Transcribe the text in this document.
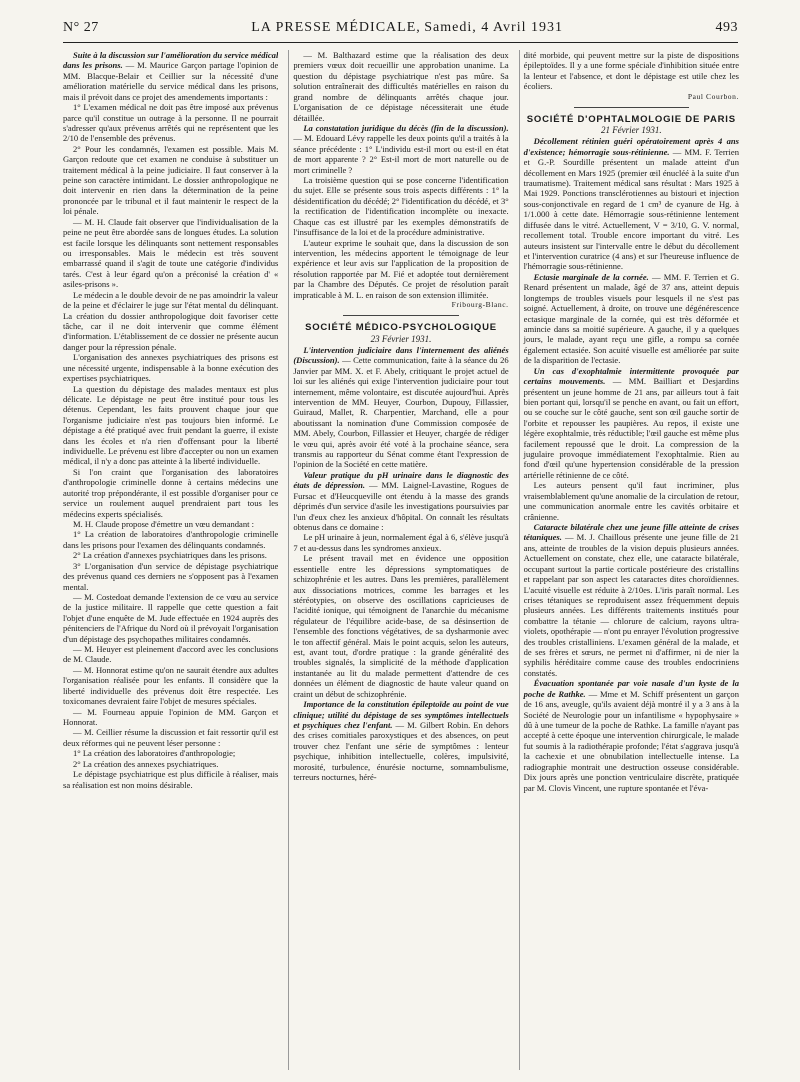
N° 27	LA PRESSE MÉDICALE, Samedi, 4 Avril 1931	493

Suite à la discussion sur l'amélioration du service médical dans les prisons. — M. Maurice Garçon partage l'opinion de MM. Blacque-Belair et Ceillier sur la nécessité d'une amélioration matérielle du service médical dans les prisons, mais il prévoit dans ce projet des amendements importants :

1° L'examen médical ne doit pas être imposé aux prévenus parce qu'il constitue un outrage à la personne. Il ne pourrait s'adresser qu'aux prévenus arrêtés qui ne représentent que les 2/10 de l'ensemble des prévenus.

2° Pour les condamnés, l'examen est possible. Mais M. Garçon redoute que cet examen ne conduise à substituer un traitement médical à la peine judiciaire. Il faut conserver à la peine son caractère intimidant. Le dossier anthropologique ne doit intervenir en rien dans la détermination de la peine prononcée par le tribunal et il faut maintenir le respect de la loi pénale.

— M. H. Claude fait observer que l'individualisation de la peine ne peut être abordée sans de longues études. La solution est facile lorsque les délinquants sont nettement responsables ou irresponsables. Mais le médecin est très souvent embarrassé quand il s'agit de toute une catégorie d'individus tarés. C'est à leur égard qu'on a préconisé la création d' « asiles-prisons ».

Le médecin a le double devoir de ne pas amoindrir la valeur de la peine et d'éclairer le juge sur l'état mental du délinquant. La création du dossier anthropologique doit favoriser cette tâche, car il ne doit intervenir que comme élément d'information. L'établissement de ce dossier ne présente aucun danger pour la répression pénale.

L'organisation des annexes psychiatriques des prisons est une nécessité urgente, indispensable à la bonne exécution des expertises psychiatriques.

La question du dépistage des malades mentaux est plus délicate. Le dépistage ne peut être institué pour tous les détenus. Cependant, les faits prouvent chaque jour que l'organisme judiciaire n'est pas toujours bien informé. Le dépistage a été pratiqué avec fruit pendant la guerre, il existe dans les écoles et n'a rien d'offensant pour la liberté individuelle. Le prévenu est libre d'accepter ou non un examen médical, il n'y a donc pas atteinte à la liberté individuelle.

Si l'on craint que l'organisation des laboratoires d'anthropologie criminelle donne à certains médecins une autorité trop prépondérante, il est possible d'organiser pour ce service un roulement auquel prendraient part tous les médecins experts spécialisés.

M. H. Claude propose d'émettre un vœu demandant :

1° La création de laboratoires d'anthropologie criminelle dans les prisons pour l'examen des délinquants condamnés.

2° La création d'annexes psychiatriques dans les prisons.

3° L'organisation d'un service de dépistage psychiatrique des prévenus quand ces derniers ne s'opposent pas à l'examen mental.

— M. Costedoat demande l'extension de ce vœu au service de la justice militaire. Il rappelle que cette question a fait l'objet d'une enquête de M. Jude effectuée en 1924 auprès des pénitenciers de l'Afrique du Nord où il prévoyait l'organisation d'un dépistage des psychopathes militaires condamnés.

— M. Heuyer est pleinement d'accord avec les conclusions de M. Claude.

— M. Honnorat estime qu'on ne saurait étendre aux adultes l'organisation réalisée pour les enfants. Il considère que la liberté individuelle des prévenus doit être respectée. Les toxicomanes devraient faire l'objet de mesures spéciales.

— M. Fourneau appuie l'opinion de MM. Garçon et Honnorat.

— M. Ceillier résume la discussion et fait ressortir qu'il est deux réformes qui ne peuvent léser personne :

1° La création des laboratoires d'anthropologie;

2° La création des annexes psychiatriques.

Le dépistage psychiatrique est plus difficile à réaliser, mais sa réalisation est non moins désirable.

— M. Balthazard estime que la réalisation des deux premiers vœux doit recueillir une approbation unanime. La question du dépistage psychiatrique n'est pas mûre. Sa solution entraînerait des difficultés matérielles en raison du grand nombre de délinquants arrêtés chaque jour. L'organisation de ce dépistage nécessiterait une étude détaillée.

La constatation juridique du décès (fin de la discussion). — M. Edouard Lévy rappelle les deux points qu'il a traités à la séance précédente : 1° L'individu est-il mort ou est-il en état de mort apparente ? 2° Est-il mort de mort naturelle ou de mort criminelle ?

La troisième question qui se pose concerne l'identification du sujet. Elle se présente sous trois aspects différents : 1° la désidentification du décédé; 2° l'identification du décédé, et 3° la rectification de l'identification incomplète ou inexacte. Chaque cas est illustré par les exemples démonstratifs de l'insuffisance de la loi et de la procédure administrative.

L'auteur exprime le souhait que, dans la discussion de son intervention, les médecins apportent le témoignage de leur expérience et leur avis sur l'application de la proposition de résolution rapportée par M. Fié et adoptée tout dernièrement par la Chambre des Députés. Ce projet de résolution paraît impraticable à M. L. en raison de son extension illimitée.

Fribourg-Blanc.

SOCIÉTÉ MÉDICO-PSYCHOLOGIQUE

23 Février 1931.

L'intervention judiciaire dans l'internement des aliénés (Discussion). — Cette communication, faite à la séance du 26 Janvier par MM. X. et F. Abely, critiquant le projet actuel de loi sur les aliénés qui exige l'intervention judiciaire pour tout internement, même volontaire, est discutée aujourd'hui. Après intervention de MM. Heuyer, Courbon, Dupouy, Fillassier, Guiraud, Mallet, R. Charpentier, Marchand, elle a pour aboutissant la nomination d'une Commission composée de MM. Abely, Courbon, Fillassier et Heuyer, chargée de rédiger le vœu qui, après avoir été voté à la prochaine séance, sera transmis au rapporteur du Sénat comme étant l'expression de l'opinion de la Société en cette matière.

Valeur pratique du pH urinaire dans le diagnostic des états de dépression. — MM. Laignel-Lavastine, Rogues de Fursac et d'Heucqueville ont étendu à la masse des grands déprimés d'un service d'asile les investigations poursuivies par l'un d'eux chez les anxieux d'hôpital. On connaît les résultats obtenus dans ce domaine :

Le pH urinaire à jeun, normalement égal à 6, s'élève jusqu'à 7 et au-dessus dans les syndromes anxieux.

Le présent travail met en évidence une opposition essentielle entre les dépressions symptomatiques de schizophrénie et les autres. Dans les premières, parallèlement aux dissociations motrices, comme les barrages et les stéréotypies, on observe des oscillations capricieuses de l'acidité ionique, qui témoignent de l'anarchie du mécanisme régulateur de l'équilibre acide-base, de sa désinsertion de l'ensemble des fonctions végétatives, de sa dysharmonie avec le ton affectif général. Mais le point acquis, selon les auteurs, est, avant tout, d'ordre pratique : la grande généralité des troubles signalés, la simplicité de la méthode d'application instantanée au lit du malade permettent d'attendre de ces données un élément de diagnostic de haute valeur quand on craint un début de schizophrénie.

Importance de la constitution épileptoïde au point de vue clinique; utilité du dépistage de ses symptômes intellectuels et psychiques chez l'enfant. — M. Gilbert Robin. En dehors des crises comitiales paroxystiques et des absences, on peut trouver chez l'enfant une série de symptômes : lenteur psychique, inhibition intellectuelle, colères, impulsivité, morosité, turbulence, énurésie nocturne, somnambulisme, terreurs nocturnes, héré-

dité morbide, qui peuvent mettre sur la piste de dispositions épileptoïdes. Il y a une forme spéciale d'inhibition située entre la lenteur et l'absence, et dont le dépistage est utile chez les écoliers.

Paul Courbon.

SOCIÉTÉ D'OPHTALMOLOGIE DE PARIS

21 Février 1931.

Décollement rétinien guéri opératoirement après 4 ans d'existence; hémorragie sous-rétinienne. — MM. F. Terrien et G.-P. Sourdille présentent un malade atteint d'un décollement en Mars 1925 (premier œil énucléé à la suite d'un traumatisme). Traitement médical sans résultat : Mars 1925 à Mai 1929. Ponctions transclérotiennes au bistouri et injection sous-conjonctivale en regard de 1 cm³ de cyanure de Hg. à 1/1.000 à cette date. Hémorragie sous-rétinienne lentement diffusée dans le vitré. Actuellement, V = 3/10, G. V. normal, recollement total. Trouble encore important du vitré. Les auteurs insistent sur l'intervalle entre le début du décollement et l'intervention curatrice (4 ans) et sur l'heureuse influence de l'hémorragie sous-rétinienne.

Ectasie marginale de la cornée. — MM. F. Terrien et G. Renard présentent un malade, âgé de 37 ans, atteint depuis longtemps de troubles visuels pour lesquels il ne s'est pas soigné. Actuellement, à droite, on trouve une dégénérescence ectasique marginale de la cornée, qui est très déformée et amincie dans sa moitié supérieure. A gauche, il y a quelques jours, le malade, ayant reçu une gifle, a rompu sa cornée également ectasiée. Son acuité visuelle est améliorée par suite de la disparition de l'ectasie.

Un cas d'exophtalmie intermittente provoquée par certains mouvements. — MM. Bailliart et Desjardins présentent un jeune homme de 21 ans, par ailleurs tout à fait bien portant qui, lorsqu'il se penche en avant, ou fait un effort, ou se couche sur le côté gauche, sent son œil gauche sortir de l'orbite et repousser les paupières. Au repos, il existe une légère exophtalmie, très réductible; l'œil gauche est même plus facilement repoussé que le droit. La compression de la jugulaire provoque immédiatement l'exophtalmie. Rien au fond d'œil qu'une hypertension considérable de la pression artérielle rétinienne de ce côté.

Les auteurs pensent qu'il faut incriminer, plus vraisemblablement qu'une anomalie de la circulation de retour, une communication anormale entre les cavités orbitaire et crânienne.

Cataracte bilatérale chez une jeune fille atteinte de crises tétaniques. — M. J. Chaillous présente une jeune fille de 21 ans, atteinte de troubles de la vision depuis plusieurs années. Actuellement on constate, chez elle, une cataracte bilatérale, occupant surtout la partie corticale postérieure des cristallins et rappelant par son aspect les cataractes dites choroïdiennes. L'acuité visuelle est réduite à 2/10es. L'iris paraît normal. Les crises tétaniques se reproduisent assez fréquemment depuis plusieurs années. Les différents traitements institués pour combattre la tétanie — chlorure de calcium, rayons ultra-violets, opothérapie — n'ont pu enrayer l'évolution progressive des troubles cristalliniens. L'examen général de la malade, et de ses frères et sœurs, ne permet ni d'affirmer, ni de nier la syphilis héréditaire comme cause des troubles endocriniens constatés.

Évacuation spontanée par voie nasale d'un kyste de la poche de Rathke. — Mme et M. Schiff présentent un garçon de 16 ans, aveugle, qu'ils avaient déjà montré il y a 3 ans à la Société de Neurologie pour un infantilisme « hypophysaire » dû à une tumeur de la poche de Rathke. La famille n'ayant pas accepté à cette époque une intervention chirurgicale, le malade fut soumis à la radiothérapie profonde; l'état s'aggrava jusqu'à la cachexie et une obnubilation intellectuelle intense. La radiographie montrait une destruction osseuse considérable. Dix jours après une ponction ventriculaire discrète, pratiquée par M. Clovis Vincent, une rupture spontanée et l'éva-
